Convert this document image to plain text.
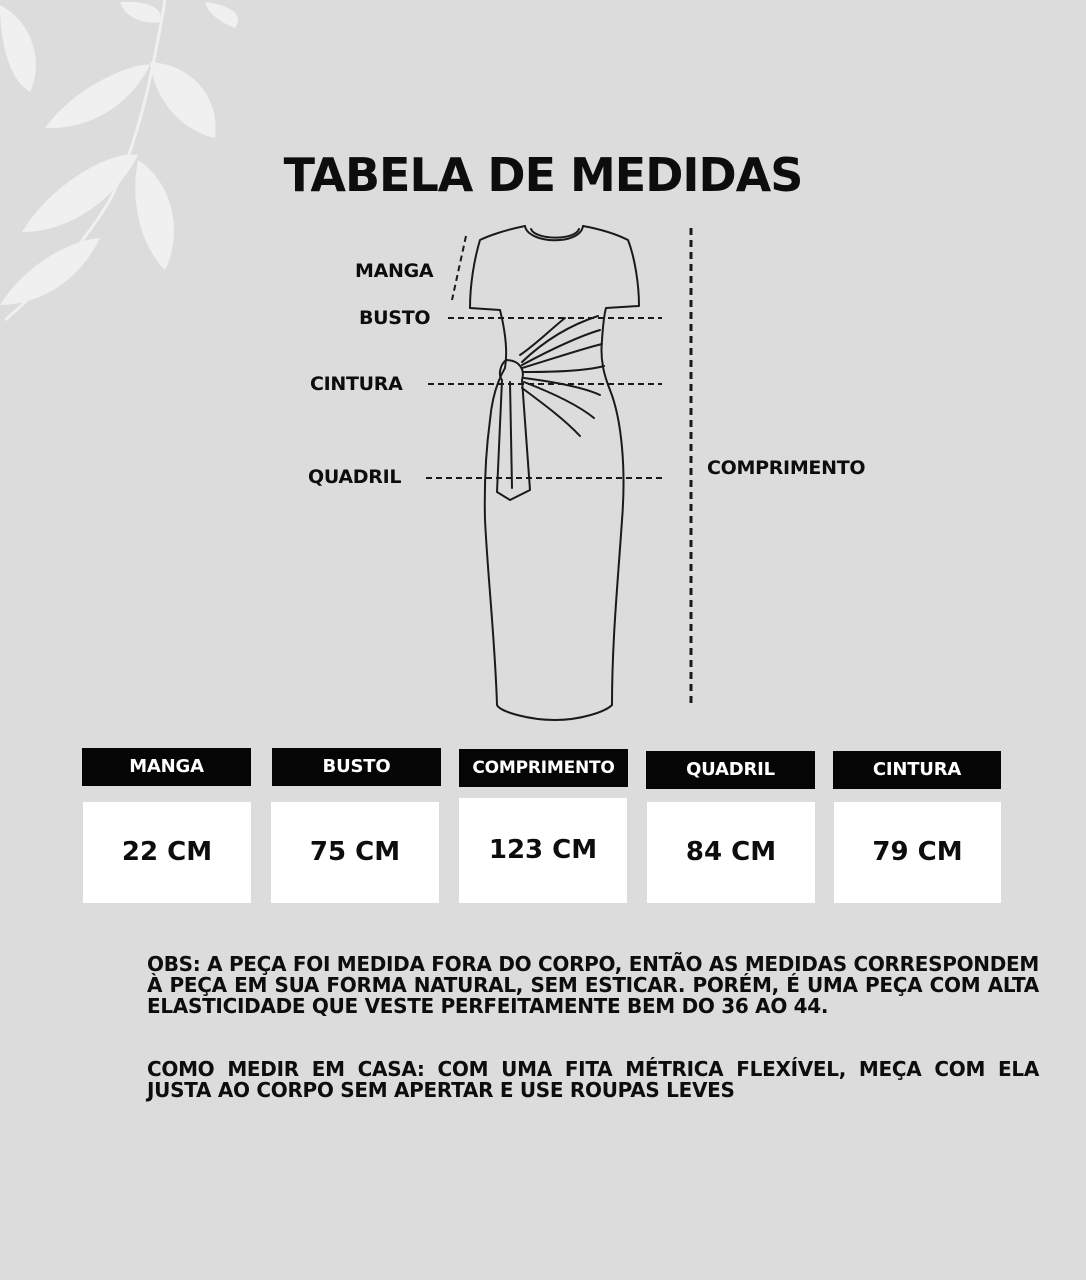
TABELA DE MEDIDAS
MANGA
BUSTO
CINTURA
QUADRIL	COMPRIMENTO
MANGA	BUSTO	COMPRIMENTO	QUADRIL	CINTURA
22 CM	75 CM	123 CM	84 CM	79 CM

OBS: A PEÇA FOI MEDIDA FORA DO CORPO, ENTÃO AS MEDIDAS CORRESPONDEM À PEÇA EM SUA FORMA NATURAL, SEM ESTICAR. PORÉM, É UMA PEÇA COM ALTA ELASTICIDADE QUE VESTE PERFEITAMENTE BEM DO 36 AO 44.

COMO MEDIR EM CASA: COM UMA FITA MÉTRICA FLEXÍVEL, MEÇA COM ELA JUSTA AO CORPO SEM APERTAR E USE ROUPAS LEVES
